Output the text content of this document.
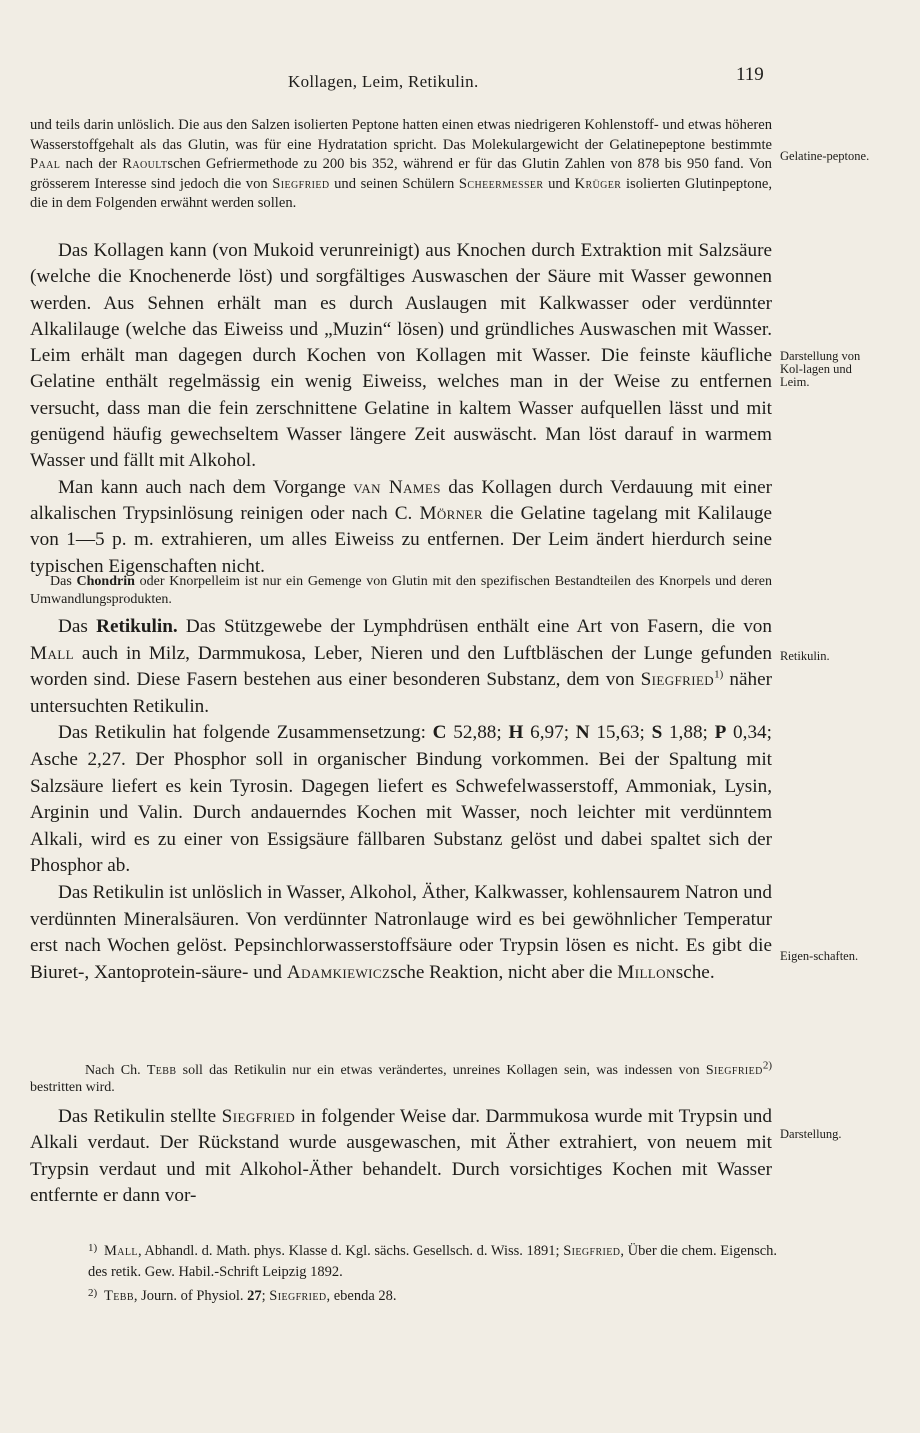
Kollagen, Leim, Retikulin.	119

und teils darin unlöslich. Die aus den Salzen isolierten Peptone hatten einen etwas niedrigeren Kohlenstoff- und etwas höheren Wasserstoffgehalt als das Glutin, was für eine Hydratation spricht. Das Molekulargewicht der Gelatinepeptone bestimmte Paal nach der Raoultschen Gefriermethode zu 200 bis 352, während er für das Glutin Zahlen von 878 bis 950 fand. Von grösserem Interesse sind jedoch die von Siegfried und seinen Schülern Scheermesser und Krüger isolierten Glutinpeptone, die in dem Folgenden erwähnt werden sollen.

Das Kollagen kann (von Mukoid verunreinigt) aus Knochen durch Extraktion mit Salzsäure (welche die Knochenerde löst) und sorgfältiges Auswaschen der Säure mit Wasser gewonnen werden. Aus Sehnen erhält man es durch Auslaugen mit Kalkwasser oder verdünnter Alkalilauge (welche das Eiweiss und „Muzin“ lösen) und gründliches Auswaschen mit Wasser. Leim erhält man dagegen durch Kochen von Kollagen mit Wasser. Die feinste käufliche Gelatine enthält regelmässig ein wenig Eiweiss, welches man in der Weise zu entfernen versucht, dass man die fein zerschnittene Gelatine in kaltem Wasser aufquellen lässt und mit genügend häufig gewechseltem Wasser längere Zeit auswäscht. Man löst darauf in warmem Wasser und fällt mit Alkohol.

Man kann auch nach dem Vorgange van Names das Kollagen durch Verdauung mit einer alkalischen Trypsinlösung reinigen oder nach C. Mörner die Gelatine tagelang mit Kalilauge von 1—5 p. m. extrahieren, um alles Eiweiss zu entfernen. Der Leim ändert hierdurch seine typischen Eigenschaften nicht.

Das Chondrin oder Knorpelleim ist nur ein Gemenge von Glutin mit den spezifischen Bestandteilen des Knorpels und deren Umwandlungsprodukten.

Das Retikulin. Das Stützgewebe der Lymphdrüsen enthält eine Art von Fasern, die von Mall auch in Milz, Darmmukosa, Leber, Nieren und den Luftbläschen der Lunge gefunden worden sind. Diese Fasern bestehen aus einer besonderen Substanz, dem von Siegfried$^{1)}$ näher untersuchten Retikulin.

Das Retikulin hat folgende Zusammensetzung: C 52,88; H 6,97; N 15,63; S 1,88; P 0,34; Asche 2,27. Der Phosphor soll in organischer Bindung vorkommen. Bei der Spaltung mit Salzsäure liefert es kein Tyrosin. Dagegen liefert es Schwefelwasserstoff, Ammoniak, Lysin, Arginin und Valin. Durch andauerndes Kochen mit Wasser, noch leichter mit verdünntem Alkali, wird es zu einer von Essigsäure fällbaren Substanz gelöst und dabei spaltet sich der Phosphor ab.

Das Retikulin ist unlöslich in Wasser, Alkohol, Äther, Kalkwasser, kohlensaurem Natron und verdünnten Mineralsäuren. Von verdünnter Natronlauge wird es bei gewöhnlicher Temperatur erst nach Wochen gelöst. Pepsinchlorwasserstoffsäure oder Trypsin lösen es nicht. Es gibt die Biuret-, Xantoprotein-säure- und Adamkiewiczsche Reaktion, nicht aber die Millonsche.

Nach Ch. Tebb soll das Retikulin nur ein etwas verändertes, unreines Kollagen sein, was indessen von Siegfried$^{2)}$ bestritten wird.

Das Retikulin stellte Siegfried in folgender Weise dar. Darmmukosa wurde mit Trypsin und Alkali verdaut. Der Rückstand wurde ausgewaschen, mit Äther extrahiert, von neuem mit Trypsin verdaut und mit Alkohol-Äther behandelt. Durch vorsichtiges Kochen mit Wasser entfernte er dann vor-

Gelatine-peptone.
Darstellung von Kol-lagen und Leim.
Retikulin.
Eigen-schaften.
Darstellung.

1) Mall, Abhandl. d. Math. phys. Klasse d. Kgl. sächs. Gesellsch. d. Wiss. 1891; Siegfried, Über die chem. Eigensch. des retik. Gew. Habil.-Schrift Leipzig 1892.

2) Tebb, Journ. of Physiol. 27; Siegfried, ebenda 28.
